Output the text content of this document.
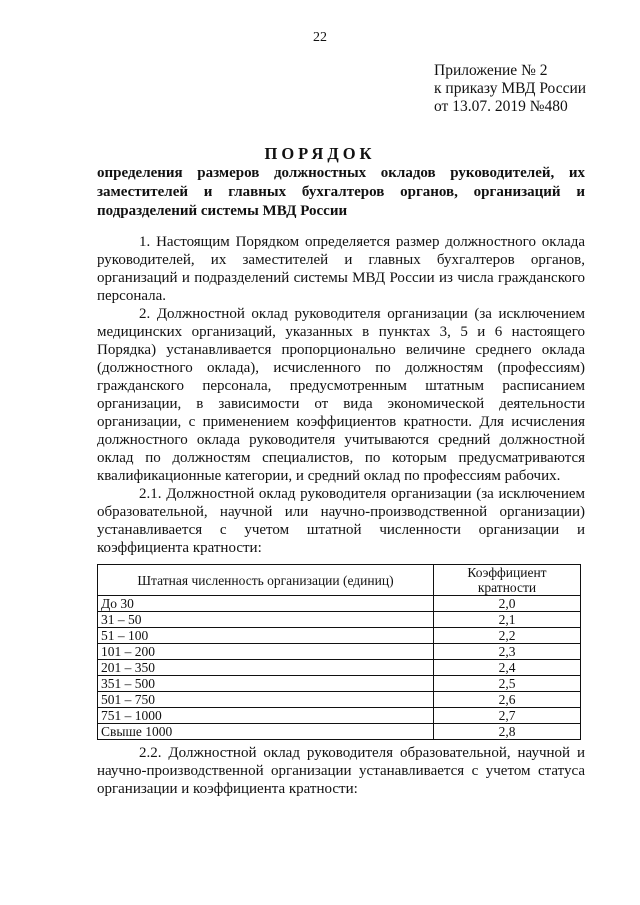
22
Приложение № 2
к приказу МВД России
от 13.07. 2019 №480
ПОРЯДОК
определения размеров должностных окладов руководителей, их заместителей и главных бухгалтеров органов, организаций и подразделений системы МВД России

1. Настоящим Порядком определяется размер должностного оклада руководителей, их заместителей и главных бухгалтеров органов, организаций и подразделений системы МВД России из числа гражданского персонала.

2. Должностной оклад руководителя организации (за исключением медицинских организаций, указанных в пунктах 3, 5 и 6 настоящего Порядка) устанавливается пропорционально величине среднего оклада (должностного оклада), исчисленного по должностям (профессиям) гражданского персонала, предусмотренным штатным расписанием организации, в зависимости от вида экономической деятельности организации, с применением коэффициентов кратности. Для исчисления должностного оклада руководителя учитываются средний должностной оклад по должностям специалистов, по которым предусматриваются квалификационные категории, и средний оклад по профессиям рабочих.

2.1. Должностной оклад руководителя организации (за исключением образовательной, научной или научно-производственной организации) устанавливается с учетом штатной численности организации и коэффициента кратности:

Штатная численность организации (единиц)	Коэффициент кратности
До 30	2,0
31 – 50	2,1
51 – 100	2,2
101 – 200	2,3
201 – 350	2,4
351 – 500	2,5
501 – 750	2,6
751 – 1000	2,7
Свыше 1000	2,8

2.2. Должностной оклад руководителя образовательной, научной и научно-производственной организации устанавливается с учетом статуса организации и коэффициента кратности:
